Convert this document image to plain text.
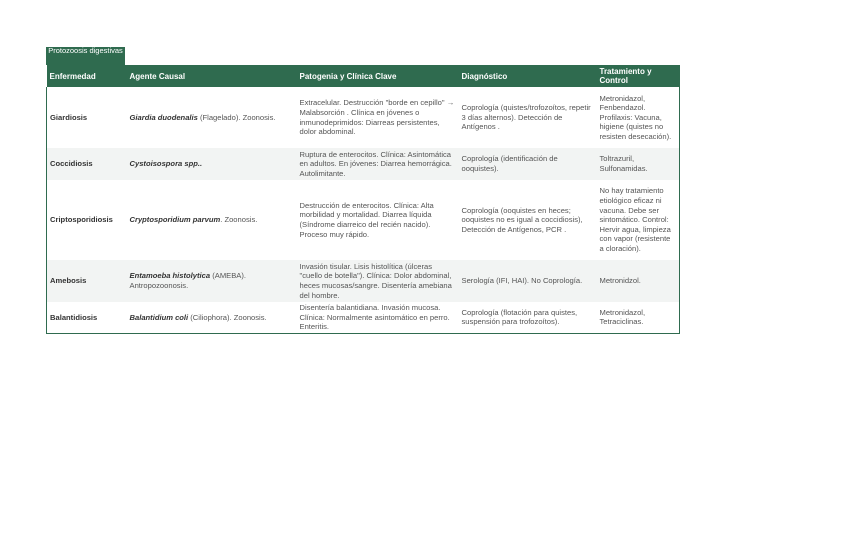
Protozoosis digestivas
Enfermedad	Agente Causal	Patogenia y Clínica Clave	Diagnóstico	Tratamiento y Control
Giardiosis	Giardia duodenalis (Flagelado). Zoonosis.	Extracelular. Destrucción "borde en cepillo" → Malabsorción . Clínica en jóvenes o inmunodeprimidos: Diarreas persistentes, dolor abdominal.	Coprología (quistes/trofozoítos, repetir 3 días alternos). Detección de Antígenos .	Metronidazol, Fenbendazol. Profilaxis: Vacuna, higiene (quistes no resisten desecación).
Coccidiosis	Cystoisospora spp..	Ruptura de enterocitos. Clínica: Asintomática en adultos. En jóvenes: Diarrea hemorrágica. Autolimitante.	Coprología (identificación de ooquistes).	Toltrazuril, Sulfonamidas.
Criptosporidiosis	Cryptosporidium parvum. Zoonosis.	Destrucción de enterocitos. Clínica: Alta morbilidad y mortalidad. Diarrea líquida (Síndrome diarreico del recién nacido). Proceso muy rápido.	Coprología (ooquistes en heces; ooquistes no es igual a coccidiosis), Detección de Antígenos, PCR .	No hay tratamiento etiológico eficaz ni vacuna. Debe ser sintomático. Control: Hervir agua, limpieza con vapor (resistente a cloración).
Amebosis	Entamoeba histolytica (AMEBA). Antropozoonosis.	Invasión tisular. Lisis histolítica (úlceras "cuello de botella"). Clínica: Dolor abdominal, heces mucosas/sangre. Disentería amebiana del hombre.	Serología (IFI, HAI). No Coprología.	Metronidzol.
Balantidiosis	Balantidium coli (Ciliophora). Zoonosis.	Disentería balantidiana. Invasión mucosa. Clínica: Normalmente asintomático en perro. Enteritis.	Coprología (flotación para quistes, suspensión para trofozoítos).	Metronidazol, Tetraciclinas.
